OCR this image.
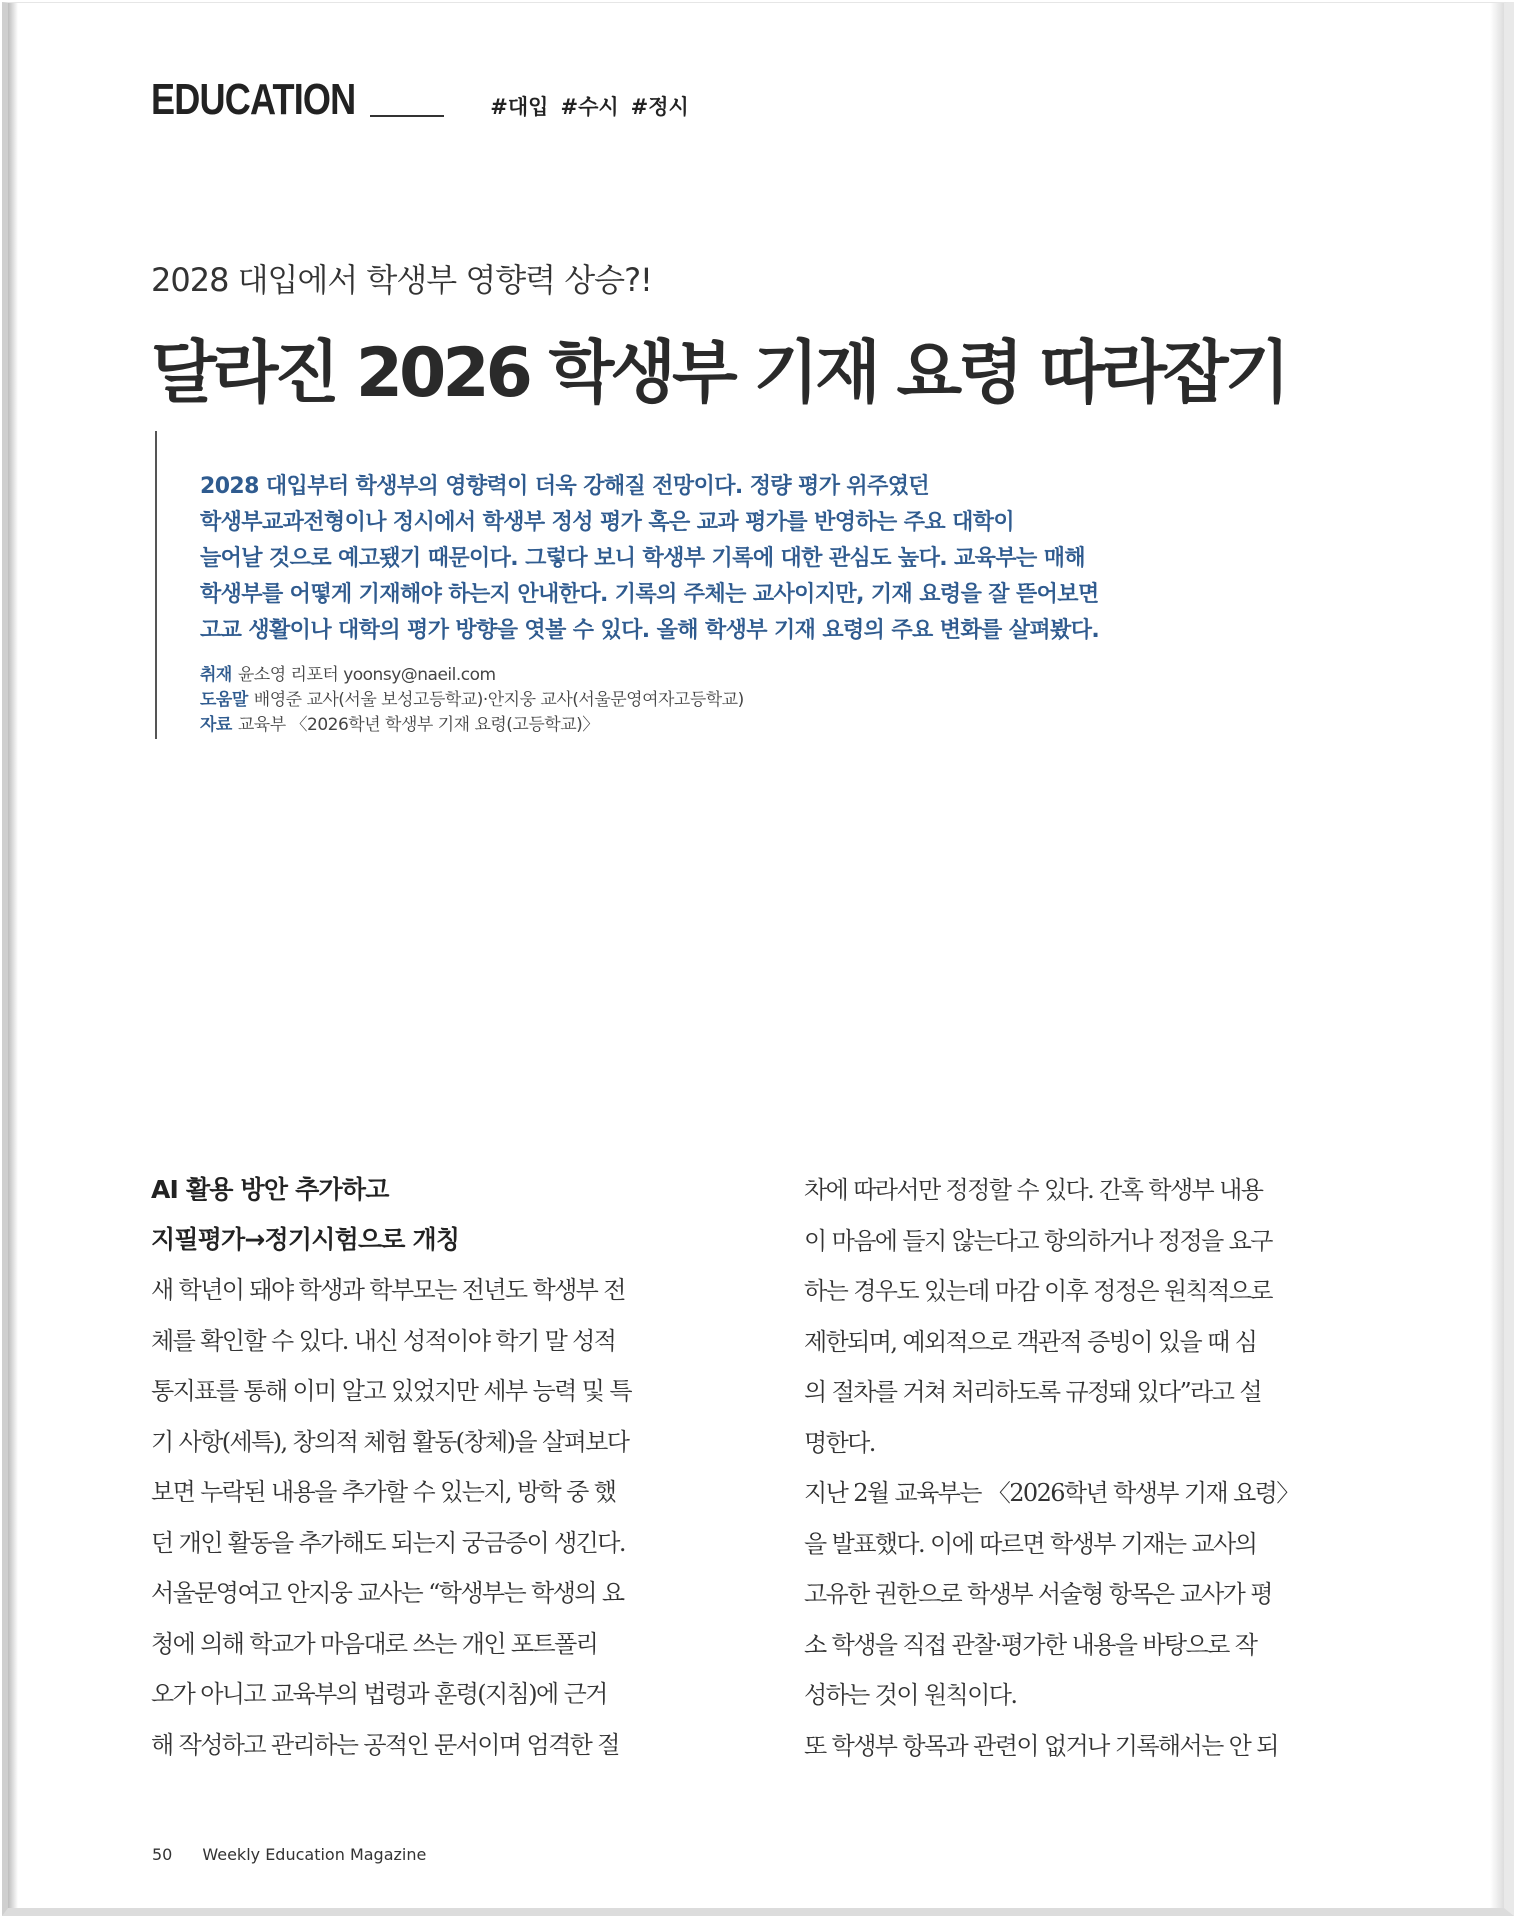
EDUCATION	#대입 #수시 #정시
2028 대입에서 학생부 영향력 상승?!
달라진 2026 학생부 기재 요령 따라잡기

2028 대입부터 학생부의 영향력이 더욱 강해질 전망이다. 정량 평가 위주였던

학생부교과전형이나 정시에서 학생부 정성 평가 혹은 교과 평가를 반영하는 주요 대학이

늘어날 것으로 예고됐기 때문이다. 그렇다 보니 학생부 기록에 대한 관심도 높다. 교육부는 매해

학생부를 어떻게 기재해야 하는지 안내한다. 기록의 주체는 교사이지만, 기재 요령을 잘 뜯어보면

고교 생활이나 대학의 평가 방향을 엿볼 수 있다. 올해 학생부 기재 요령의 주요 변화를 살펴봤다.

취재 윤소영 리포터 yoonsy@naeil.com
도움말 배영준 교사(서울 보성고등학교)·안지웅 교사(서울문영여자고등학교)
자료 교육부 〈2026학년 학생부 기재 요령(고등학교)〉
AI 활용 방안 추가하고
지필평가→정기시험으로 개칭
새 학년이 돼야 학생과 학부모는 전년도 학생부 전
체를 확인할 수 있다. 내신 성적이야 학기 말 성적
통지표를 통해 이미 알고 있었지만 세부 능력 및 특
기 사항(세특), 창의적 체험 활동(창체)을 살펴보다
보면 누락된 내용을 추가할 수 있는지, 방학 중 했
던 개인 활동을 추가해도 되는지 궁금증이 생긴다.
서울문영여고 안지웅 교사는 “학생부는 학생의 요
청에 의해 학교가 마음대로 쓰는 개인 포트폴리
오가 아니고 교육부의 법령과 훈령(지침)에 근거
해 작성하고 관리하는 공적인 문서이며 엄격한 절
차에 따라서만 정정할 수 있다. 간혹 학생부 내용
이 마음에 들지 않는다고 항의하거나 정정을 요구
하는 경우도 있는데 마감 이후 정정은 원칙적으로
제한되며, 예외적으로 객관적 증빙이 있을 때 심
의 절차를 거쳐 처리하도록 규정돼 있다”라고 설
명한다.
지난 2월 교육부는 〈2026학년 학생부 기재 요령〉
을 발표했다. 이에 따르면 학생부 기재는 교사의
고유한 권한으로 학생부 서술형 항목은 교사가 평
소 학생을 직접 관찰·평가한 내용을 바탕으로 작
성하는 것이 원칙이다.
또 학생부 항목과 관련이 없거나 기록해서는 안 되
50 Weekly Education Magazine
